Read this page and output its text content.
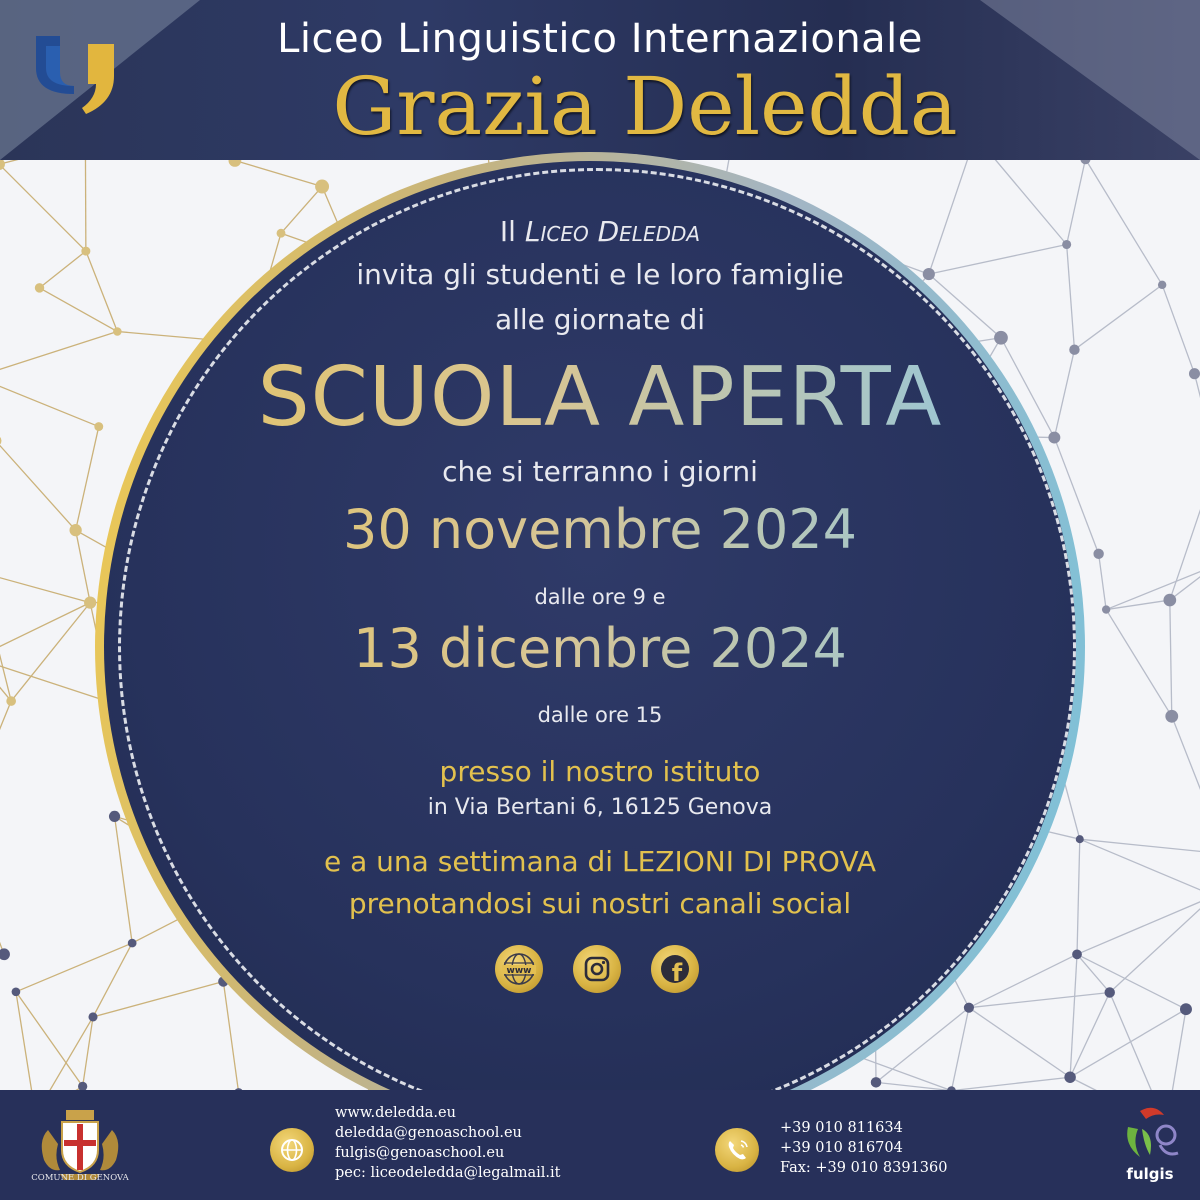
Liceo Linguistico Internazionale
Grazia Deledda
Il Liceo Deledda
invita gli studenti e le loro famiglie
alle giornate di
SCUOLA APERTA
che si terranno i giorni
30 novembre 2024
dalle ore 9 e
13 dicembre 2024
dalle ore 15
presso il nostro istituto
in Via Bertani 6, 16125 Genova
e a una settimana di LEZIONI DI PROVA
prenotandosi sui nostri canali social
www	f
COMUNE DI GENOVA
www.deledda.eu
deledda@genoaschool.eu
fulgis@genoaschool.eu
pec: liceodeledda@legalmail.it
+39 010 811634
+39 010 816704
Fax: +39 010 8391360	fulgis
